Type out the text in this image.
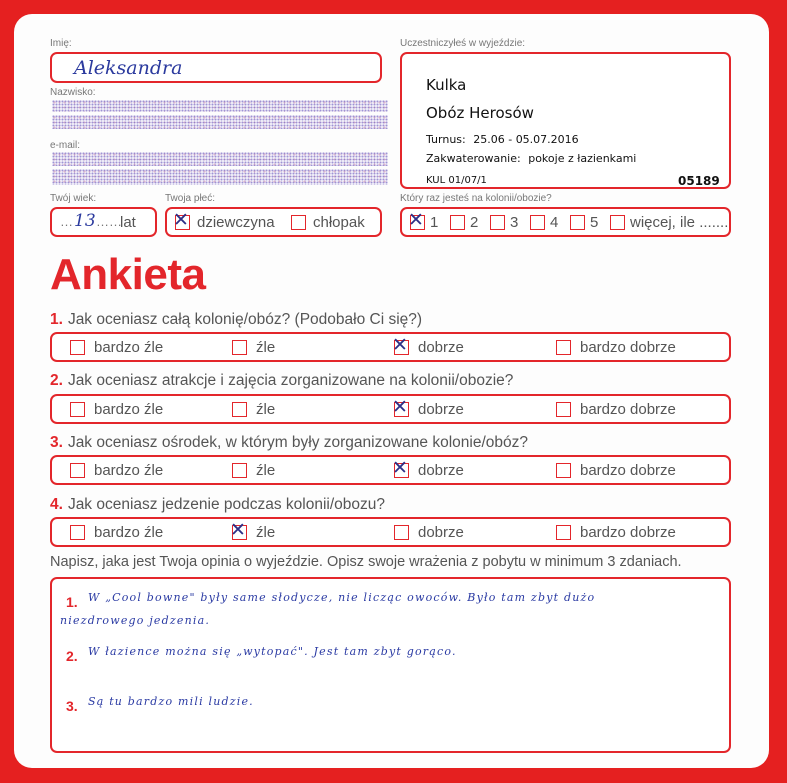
Imię:
Aleksandra
Nazwisko:
e-mail:
Uczestniczyłeś w wyjeździe:
Kulka
Obóz Herosów
Turnus: 25.06 - 05.07.2016
Zakwaterowanie: pokoje z łazienkami
KUL 01/07/1	05189
Twój wiek:
… 13 ……
lat
Twoja płeć:
✕
dziewczyna	chłopak
Który raz jesteś na kolonii/obozie?
✕
1 2 3 4 5 więcej, ile .......
Ankieta
1. Jak oceniasz całą kolonię/obóz? (Podobało Ci się?)
bardzo źle	źle ✕	dobrze	bardzo dobrze
2. Jak oceniasz atrakcje i zajęcia zorganizowane na kolonii/obozie?
bardzo źle	źle ✕	dobrze	bardzo dobrze
3. Jak oceniasz ośrodek, w którym były zorganizowane kolonie/obóz?
bardzo źle	źle ✕	dobrze	bardzo dobrze
4. Jak oceniasz jedzenie podczas kolonii/obozu?
bardzo źle ✕	źle	dobrze	bardzo dobrze
Napisz, jaka jest Twoja opinia o wyjeździe. Opisz swoje wrażenia z pobytu w minimum 3 zdaniach.
1. W „Cool bowne" były same słodycze, nie licząc owoców. Było tam zbyt dużo
niezdrowego jedzenia.
2. W łazience można się „wytopać". Jest tam zbyt gorąco.
3. Są tu bardzo mili ludzie.
